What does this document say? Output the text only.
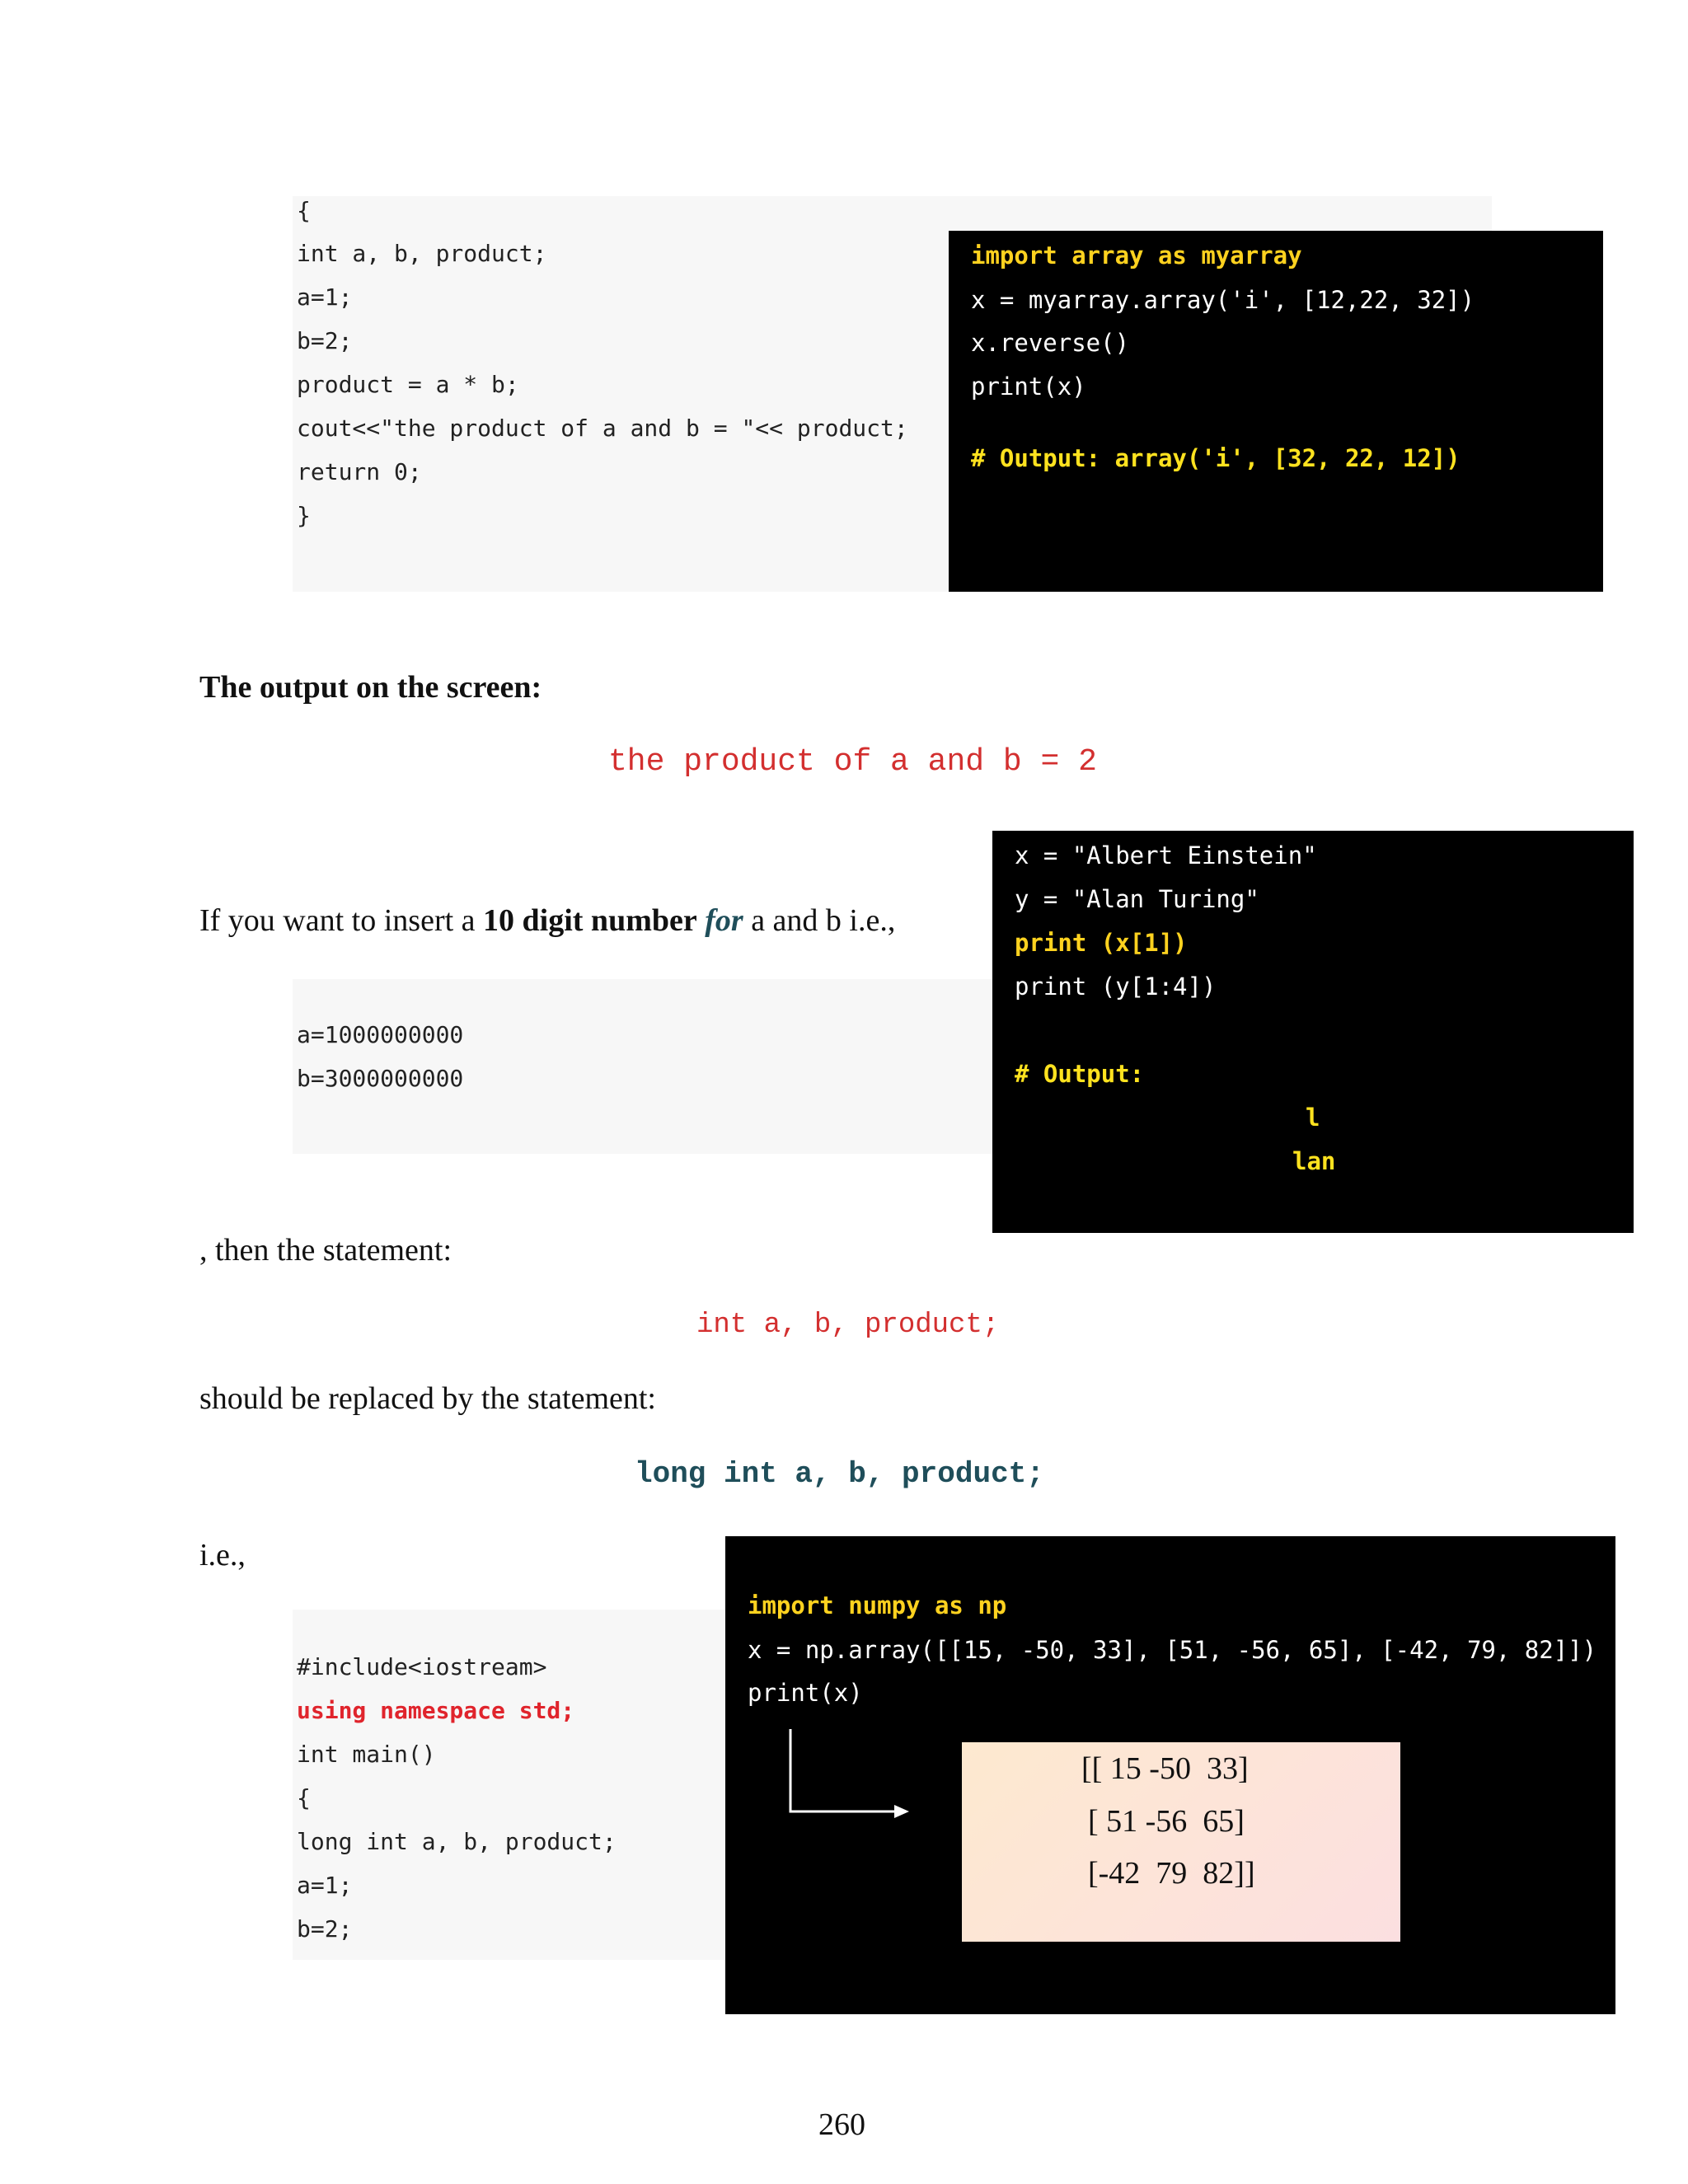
{
int a, b, product;
a=1;
b=2;
product = a * b;
cout<<"the product of a and b = "<< product;
return 0;
}
import array as myarray
x = myarray.array('i', [12,22, 32])
x.reverse()
print(x)
# Output: array('i', [32, 22, 12])
The output on the screen:
the product of a and b = 2
a=1000000000
b=3000000000
x = "Albert Einstein"
y = "Alan Turing"
print (x[1])
print (y[1:4])
# Output:
l
lan
If you want to insert a 10 digit number for a and b i.e.,
, then the statement:
int a, b, product;
should be replaced by the statement:
long int a, b, product;
i.e.,
#include<iostream>
using namespace std;
int main()
{
long int a, b, product;
a=1;
b=2;
import numpy as np
x = np.array([[15, -50, 33], [51, -56, 65], [-42, 79, 82]])
print(x)
[[ 15 -50  33]
[ 51 -56  65]
[-42  79  82]]
260
